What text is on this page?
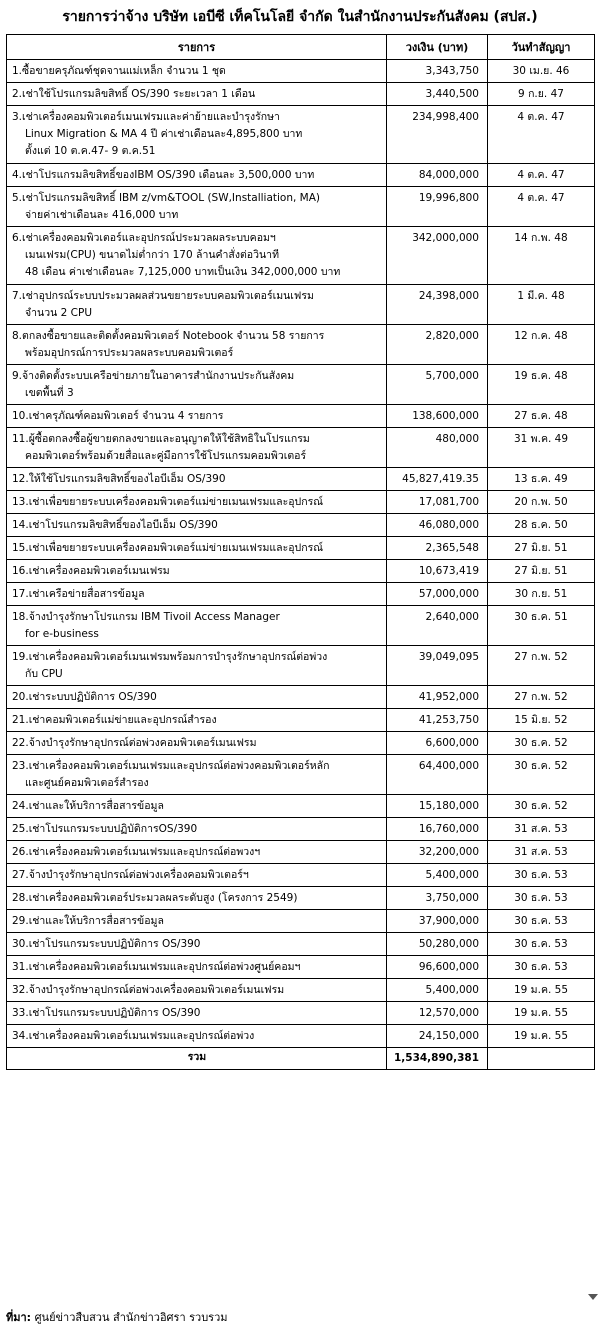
รายการว่าจ้าง บริษัท เอบีซี เท็คโนโลยี จำกัด ในสำนักงานประกันสังคม (สปส.)
รายการ	วงเงิน (บาท)	วันทำสัญญา

1.ซื้อขายครุภัณฑ์ชุดจานแม่เหล็ก จำนวน 1 ชุด	3,343,750	30 เม.ย. 46

2.เช่าใช้โปรแกรมลิขสิทธิ์ OS/390 ระยะเวลา 1 เดือน	3,440,500	9 ก.ย. 47

3.เช่าเครื่องคอมพิวเตอร์เมนเฟรมและค่าย้ายและบำรุงรักษา
Linux Migration & MA 4 ปี ค่าเช่าเดือนละ4,895,800 บาท
ตั้งแต่ 10 ต.ค.47- 9 ต.ค.51	234,998,400	4 ต.ค. 47

4.เช่าโปรแกรมลิขสิทธิ์ของIBM OS/390 เดือนละ 3,500,000 บาท	84,000,000	4 ต.ค. 47

5.เช่าโปรแกรมลิขสิทธิ์ IBM z/vm&TOOL (SW,Installiation, MA)
จ่ายค่าเช่าเดือนละ 416,000 บาท	19,996,800	4 ต.ค. 47

6.เช่าเครื่องคอมพิวเตอร์และอุปกรณ์ประมวลผลระบบคอมฯ
เมนเฟรม(CPU) ขนาดไม่ต่ำกว่า 170 ล้านคำสั่งต่อวินาที
48 เดือน ค่าเช่าเดือนละ 7,125,000 บาทเป็นเงิน 342,000,000 บาท	342,000,000	14 ก.พ. 48

7.เช่าอุปกรณ์ระบบประมวลผลส่วนขยายระบบคอมพิวเตอร์เมนเฟรม
จำนวน 2 CPU	24,398,000	1 มี.ค. 48

8.ตกลงซื้อขายและติดตั้งคอมพิวเตอร์ Notebook จำนวน 58 รายการ
พร้อมอุปกรณ์การประมวลผลระบบคอมพิวเตอร์	2,820,000	12 ก.ค. 48

9.จ้างติดตั้งระบบเครือข่ายภายในอาคารสำนักงานประกันสังคม
เขตพื้นที่ 3	5,700,000	19 ธ.ค. 48

10.เช่าครุภัณฑ์คอมพิวเตอร์ จำนวน 4 รายการ	138,600,000	27 ธ.ค. 48

11.ผู้ซื้อตกลงซื้อผู้ขายตกลงขายและอนุญาตให้ใช้สิทธิในโปรแกรม
คอมพิวเตอร์พร้อมด้วยสื่อและคู่มือการใช้โปรแกรมคอมพิวเตอร์	480,000	31 พ.ค. 49

12.ให้ใช้โปรแกรมลิขสิทธิ์ของไอบีเอ็ม OS/390	45,827,419.35	13 ธ.ค. 49

13.เช่าเพื่อขยายระบบเครื่องคอมพิวเตอร์แม่ข่ายเมนเฟรมและอุปกรณ์	17,081,700	20 ก.พ. 50

14.เช่าโปรแกรมลิขสิทธิ์ของไอบีเอ็ม OS/390	46,080,000	28 ธ.ค. 50

15.เช่าเพื่อขยายระบบเครื่องคอมพิวเตอร์แม่ข่ายเมนเฟรมและอุปกรณ์	2,365,548	27 มิ.ย. 51

16.เช่าเครื่องคอมพิวเตอร์เมนเฟรม	10,673,419	27 มิ.ย. 51

17.เช่าเครือข่ายสื่อสารข้อมูล	57,000,000	30 ก.ย. 51

18.จ้างบำรุงรักษาโปรแกรม IBM Tivoil Access Manager
for e-business	2,640,000	30 ธ.ค. 51

19.เช่าเครื่องคอมพิวเตอร์เมนเฟรมพร้อมการบำรุงรักษาอุปกรณ์ต่อพ่วง
กับ CPU	39,049,095	27 ก.พ. 52

20.เช่าระบบปฏิบัติการ OS/390	41,952,000	27 ก.พ. 52

21.เช่าคอมพิวเตอร์แม่ข่ายและอุปกรณ์สำรอง	41,253,750	15 มิ.ย. 52

22.จ้างบำรุงรักษาอุปกรณ์ต่อพ่วงคอมพิวเตอร์เมนเฟรม	6,600,000	30 ธ.ค. 52

23.เช่าเครื่องคอมพิวเตอร์เมนเฟรมและอุปกรณ์ต่อพ่วงคอมพิวเตอร์หลัก
และศูนย์คอมพิวเตอร์สำรอง	64,400,000	30 ธ.ค. 52

24.เช่าและให้บริการสื่อสารข้อมูล	15,180,000	30 ธ.ค. 52

25.เช่าโปรแกรมระบบปฏิบัติการOS/390	16,760,000	31 ส.ค. 53

26.เช่าเครื่องคอมพิวเตอร์เมนเฟรมและอุปกรณ์ต่อพวงฯ	32,200,000	31 ส.ค. 53

27.จ้างบำรุงรักษาอุปกรณ์ต่อพ่วงเครื่องคอมพิวเตอร์ฯ	5,400,000	30 ธ.ค. 53

28.เช่าเครื่องคอมพิวเตอร์ประมวลผลระดับสูง (โครงการ 2549)	3,750,000	30 ธ.ค. 53

29.เช่าและให้บริการสื่อสารข้อมูล	37,900,000	30 ธ.ค. 53

30.เช่าโปรแกรมระบบปฏิบัติการ OS/390	50,280,000	30 ธ.ค. 53

31.เช่าเครื่องคอมพิวเตอร์เมนเฟรมและอุปกรณ์ต่อพ่วงศูนย์คอมฯ	96,600,000	30 ธ.ค. 53

32.จ้างบำรุงรักษาอุปกรณ์ต่อพ่วงเครื่องคอมพิวเตอร์เมนเฟรม	5,400,000	19 ม.ค. 55

33.เช่าโปรแกรมระบบปฏิบัติการ OS/390	12,570,000	19 ม.ค. 55

34.เช่าเครื่องคอมพิวเตอร์เมนเฟรมและอุปกรณ์ต่อพ่วง	24,150,000	19 ม.ค. 55
รวม	1,534,890,381	
ที่มา: ศูนย์ข่าวสืบสวน สำนักข่าวอิศรา รวบรวม
